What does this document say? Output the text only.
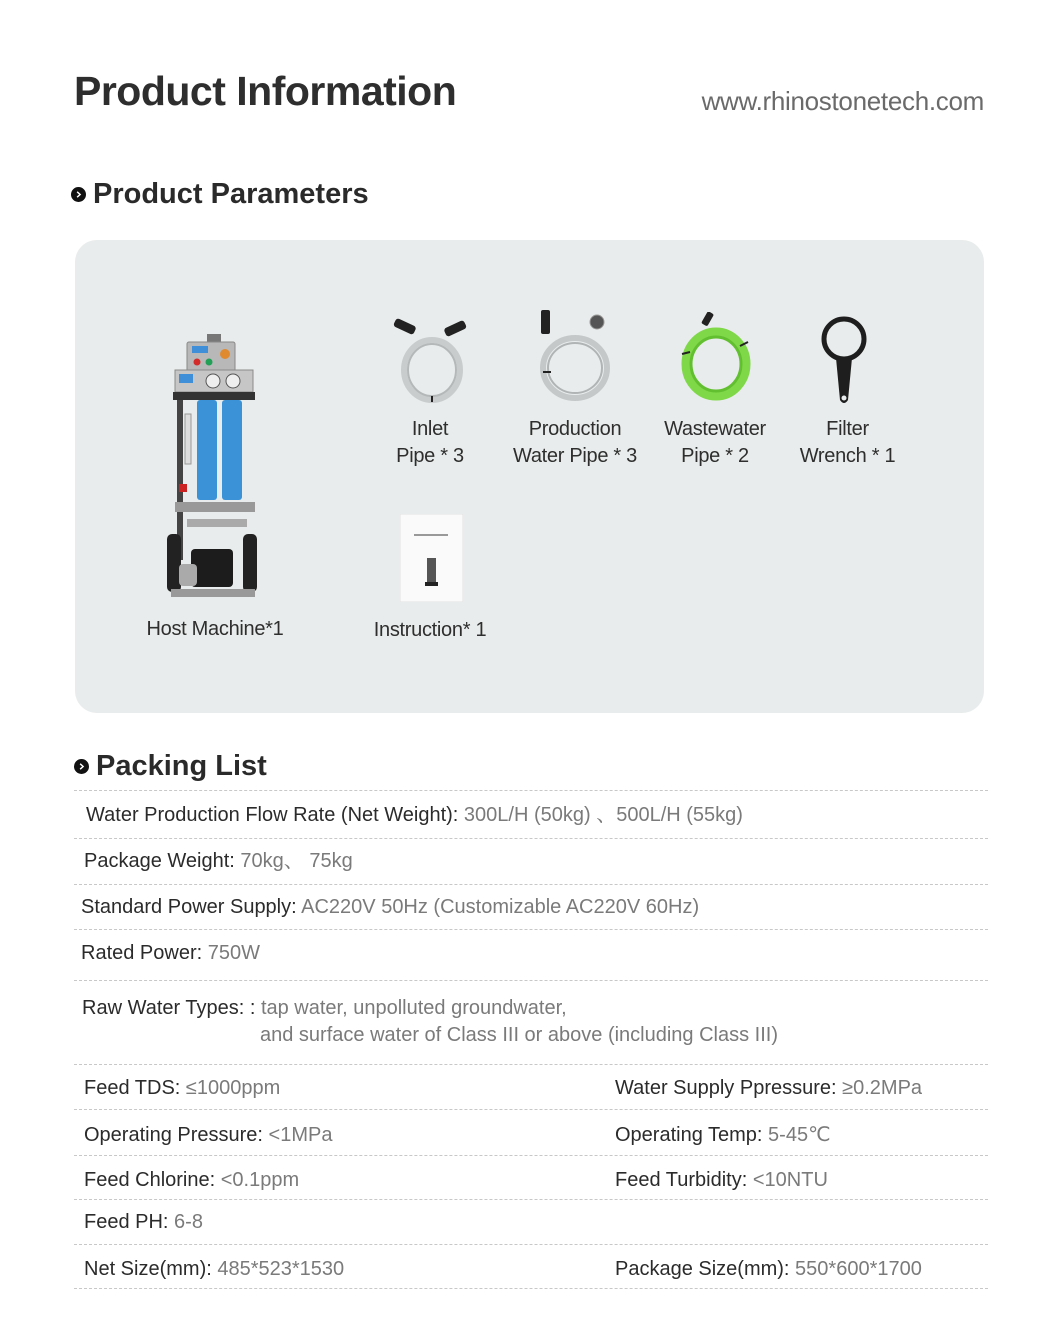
Product Information	www.rhinostonetech.com
Product Parameters
Host Machine*1
Inlet
Pipe * 3
Production
Water Pipe * 3
Wastewater
Pipe * 2
Filter
Wrench * 1
Instruction* 1
Packing List
Water Production Flow Rate (Net Weight): 300L/H (50kg) 、500L/H (55kg)
Package Weight: 70kg、 75kg
Standard Power Supply: AC220V 50Hz (Customizable AC220V 60Hz)
Rated Power: 750W
Raw Water Types: : tap water, unpolluted groundwater,
and surface water of Class III or above (including Class III)
Feed TDS: ≤1000ppm	Water Supply Ppressure: ≥0.2MPa
Operating Pressure: <1MPa	Operating Temp: 5-45℃
Feed Chlorine: <0.1ppm	Feed Turbidity: <10NTU
Feed PH: 6-8
Net Size(mm): 485*523*1530	Package Size(mm): 550*600*1700
